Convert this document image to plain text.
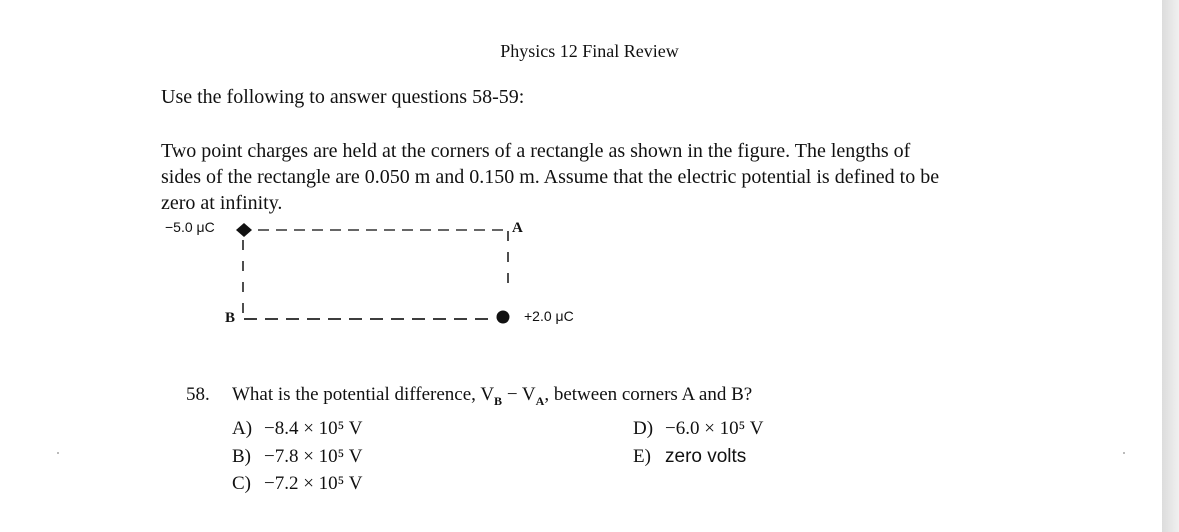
Physics 12 Final Review
Use the following to answer questions 58-59:
Two point charges are held at the corners of a rectangle as shown in the figure. The lengths of
sides of the rectangle are 0.050 m and 0.150 m. Assume that the electric potential is defined to be
zero at infinity.
−5.0 μC
+2.0 μC
A
B
58. What is the potential difference, $V_B - V_A$, between corners A and B?
A) −8.4 × 10⁵ V
B) −7.8 × 10⁵ V
C) −7.2 × 10⁵ V
D) −6.0 × 10⁵ V
E) zero volts
